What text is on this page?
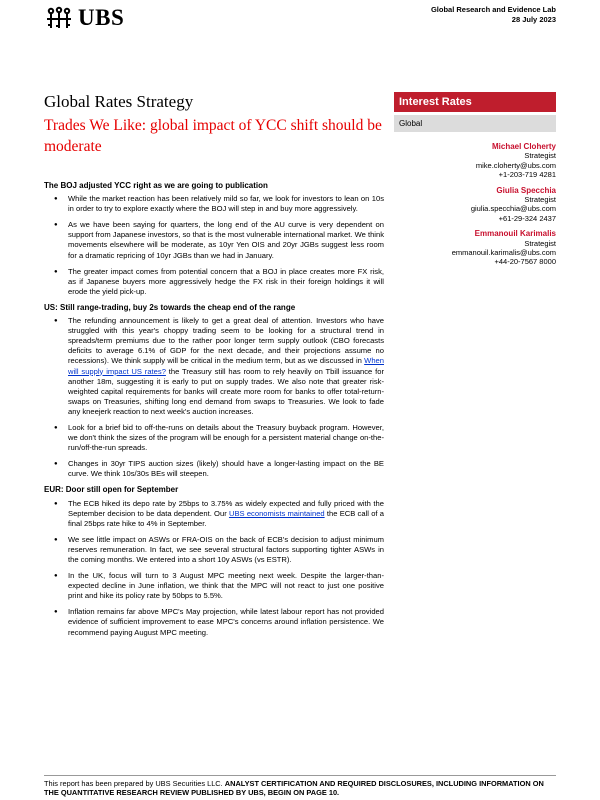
UBS	Global Research and Evidence Lab
28 July 2023
Global Rates Strategy
Trades We Like: global impact of YCC shift should be moderate
Interest Rates
Global
Michael Cloherty
Strategist
mike.cloherty@ubs.com
+1-203-719 4281
Giulia Specchia
Strategist
giulia.specchia@ubs.com
+61-29-324 2437
Emmanouil Karimalis
Strategist
emmanouil.karimalis@ubs.com
+44-20-7567 8000
The BOJ adjusted YCC right as we are going to publication
● While the market reaction has been relatively mild so far, we look for investors to lean on 10s in order to try to explore exactly where the BOJ will step in and buy more aggressively.
● As we have been saying for quarters, the long end of the AU curve is very dependent on support from Japanese investors, so that is the most vulnerable international market. We think movements elsewhere will be moderate, as 10yr Yen OIS and 20yr JGBs suggest less room for a dramatic repricing of 10yr JGBs than we had in January.
● The greater impact comes from potential concern that a BOJ in place creates more FX risk, as if Japanese buyers more aggressively hedge the FX risk in their foreign holdings it will erode the yield pick-up.
US: Still range-trading, buy 2s towards the cheap end of the range
● The refunding announcement is likely to get a great deal of attention. Investors who have struggled with this year's choppy trading seem to be looking for a structural trend in spreads/term premiums due to the rather poor longer term supply outlook (CBO forecasts deficits to average 6.1% of GDP for the next decade, and their projections assume no recessions). We think supply will be critical in the medium term, but as we discussed in When will supply impact US rates? the Treasury still has room to rely heavily on Tbill issuance for another 18m, suggesting it is early to put on supply trades. We also note that greater risk-weighted capital requirements for banks will create more room for banks to offer total-return-swaps on Treasuries, shifting long end demand from swaps to Treasuries. We look to fade any kneejerk reaction to next week's auction increases.
● Look for a brief bid to off-the-runs on details about the Treasury buyback program. However, we don't think the sizes of the program will be enough for a persistent material change on-the-run/off-the-run spreads.
● Changes in 30yr TIPS auction sizes (likely) should have a longer-lasting impact on the BE curve. We think 10s/30s BEs will steepen.
EUR: Door still open for September
● The ECB hiked its depo rate by 25bps to 3.75% as widely expected and fully priced with the September decision to be data dependent. Our UBS economists maintained the ECB call of a final 25bps rate hike to 4% in September.
● We see little impact on ASWs or FRA-OIS on the back of ECB's decision to adjust minimum reserves remuneration. In fact, we see several structural factors supporting tighter ASWs in the coming months. We entered into a short 10y ASWs (vs ESTR).
● In the UK, focus will turn to 3 August MPC meeting next week. Despite the larger-than-expected decline in June inflation, we think that the MPC will not react to just one positive print and hike its policy rate by 50bps to 5.5%.
● Inflation remains far above MPC's May projection, while latest labour report has not provided evidence of sufficient improvement to ease MPC's concerns around inflation persistence. We recommend paying August MPC meeting.
This report has been prepared by UBS Securities LLC. ANALYST CERTIFICATION AND REQUIRED DISCLOSURES, INCLUDING INFORMATION ON THE QUANTITATIVE RESEARCH REVIEW PUBLISHED BY UBS, BEGIN ON PAGE 10.
